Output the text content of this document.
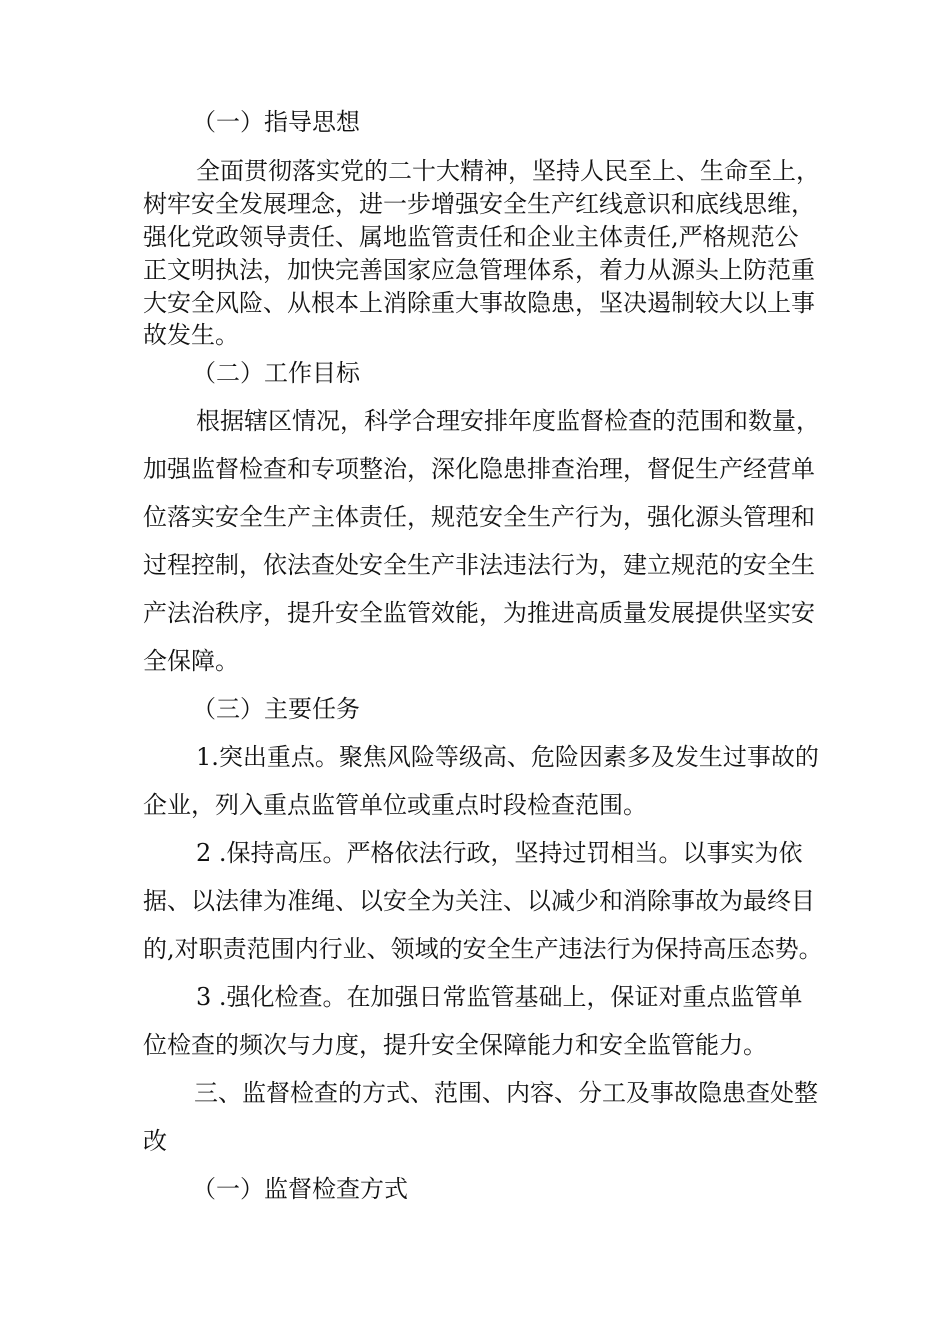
（一）指导思想
全面贯彻落实党的二十大精神，坚持人民至上、生命至上，
树牢安全发展理念，进一步增强安全生产红线意识和底线思维，
强化党政领导责任、属地监管责任和企业主体责任,严格规范公
正文明执法，加快完善国家应急管理体系，着力从源头上防范重
大安全风险、从根本上消除重大事故隐患，坚决遏制较大以上事
故发生。
（二）工作目标
根据辖区情况，科学合理安排年度监督检查的范围和数量，
加强监督检查和专项整治，深化隐患排查治理，督促生产经营单
位落实安全生产主体责任，规范安全生产行为，强化源头管理和
过程控制，依法查处安全生产非法违法行为，建立规范的安全生
产法治秩序，提升安全监管效能，为推进高质量发展提供坚实安
全保障。
（三）主要任务
1.突出重点。聚焦风险等级高、危险因素多及发生过事故的
企业，列入重点监管单位或重点时段检查范围。
2 .保持高压。严格依法行政，坚持过罚相当。以事实为依
据、以法律为准绳、以安全为关注、以减少和消除事故为最终目
的,对职责范围内行业、领域的安全生产违法行为保持高压态势。
3 .强化检查。在加强日常监管基础上，保证对重点监管单
位检查的频次与力度，提升安全保障能力和安全监管能力。
三、监督检查的方式、范围、内容、分工及事故隐患查处整
改
（一）监督检查方式
